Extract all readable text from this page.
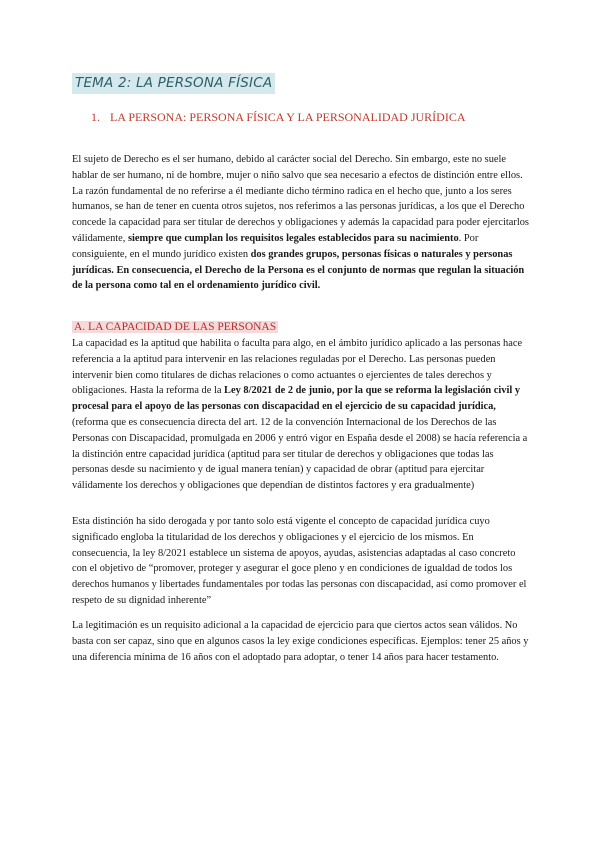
TEMA 2: LA PERSONA FÍSICA
1. LA PERSONA: PERSONA FÍSICA Y LA PERSONALIDAD JURÍDICA
El sujeto de Derecho es el ser humano, debido al carácter social del Derecho. Sin embargo, este no suele hablar de ser humano, ni de hombre, mujer o niño salvo que sea necesario a efectos de distinción entre ellos. La razón fundamental de no referirse a él mediante dicho término radica en el hecho que, junto a los seres humanos, se han de tener en cuenta otros sujetos, nos referimos a las personas jurídicas, a los que el Derecho concede la capacidad para ser titular de derechos y obligaciones y además la capacidad para poder ejercitarlos válidamente, siempre que cumplan los requisitos legales establecidos para su nacimiento. Por consiguiente, en el mundo jurídico existen dos grandes grupos, personas físicas o naturales y personas jurídicas. En consecuencia, el Derecho de la Persona es el conjunto de normas que regulan la situación de la persona como tal en el ordenamiento jurídico civil.
A. LA CAPACIDAD DE LAS PERSONAS
La capacidad es la aptitud que habilita o faculta para algo, en el ámbito jurídico aplicado a las personas hace referencia a la aptitud para intervenir en las relaciones reguladas por el Derecho. Las personas pueden intervenir bien como titulares de dichas relaciones o como actuantes o ejercientes de tales derechos y obligaciones. Hasta la reforma de la Ley 8/2021 de 2 de junio, por la que se reforma la legislación civil y procesal para el apoyo de las personas con discapacidad en el ejercicio de su capacidad jurídica, (reforma que es consecuencia directa del art. 12 de la convención Internacional de los Derechos de las Personas con Discapacidad, promulgada en 2006 y entró vigor en España desde el 2008) se hacía referencia a la distinción entre capacidad jurídica (aptitud para ser titular de derechos y obligaciones que todas las personas desde su nacimiento y de igual manera tenían) y capacidad de obrar (aptitud para ejercitar válidamente los derechos y obligaciones que dependían de distintos factores y era gradualmente)
Esta distinción ha sido derogada y por tanto solo está vigente el concepto de capacidad jurídica cuyo significado engloba la titularidad de los derechos y obligaciones y el ejercicio de los mismos. En consecuencia, la ley 8/2021 establece un sistema de apoyos, ayudas, asistencias adaptadas al caso concreto con el objetivo de “promover, proteger y asegurar el goce pleno y en condiciones de igualdad de todos los derechos humanos y libertades fundamentales por todas las personas con discapacidad, así como promover el respeto de su dignidad inherente”
La legitimación es un requisito adicional a la capacidad de ejercicio para que ciertos actos sean válidos. No basta con ser capaz, sino que en algunos casos la ley exige condiciones específicas. Ejemplos: tener 25 años y una diferencia mínima de 16 años con el adoptado para adoptar, o tener 14 años para hacer testamento.
